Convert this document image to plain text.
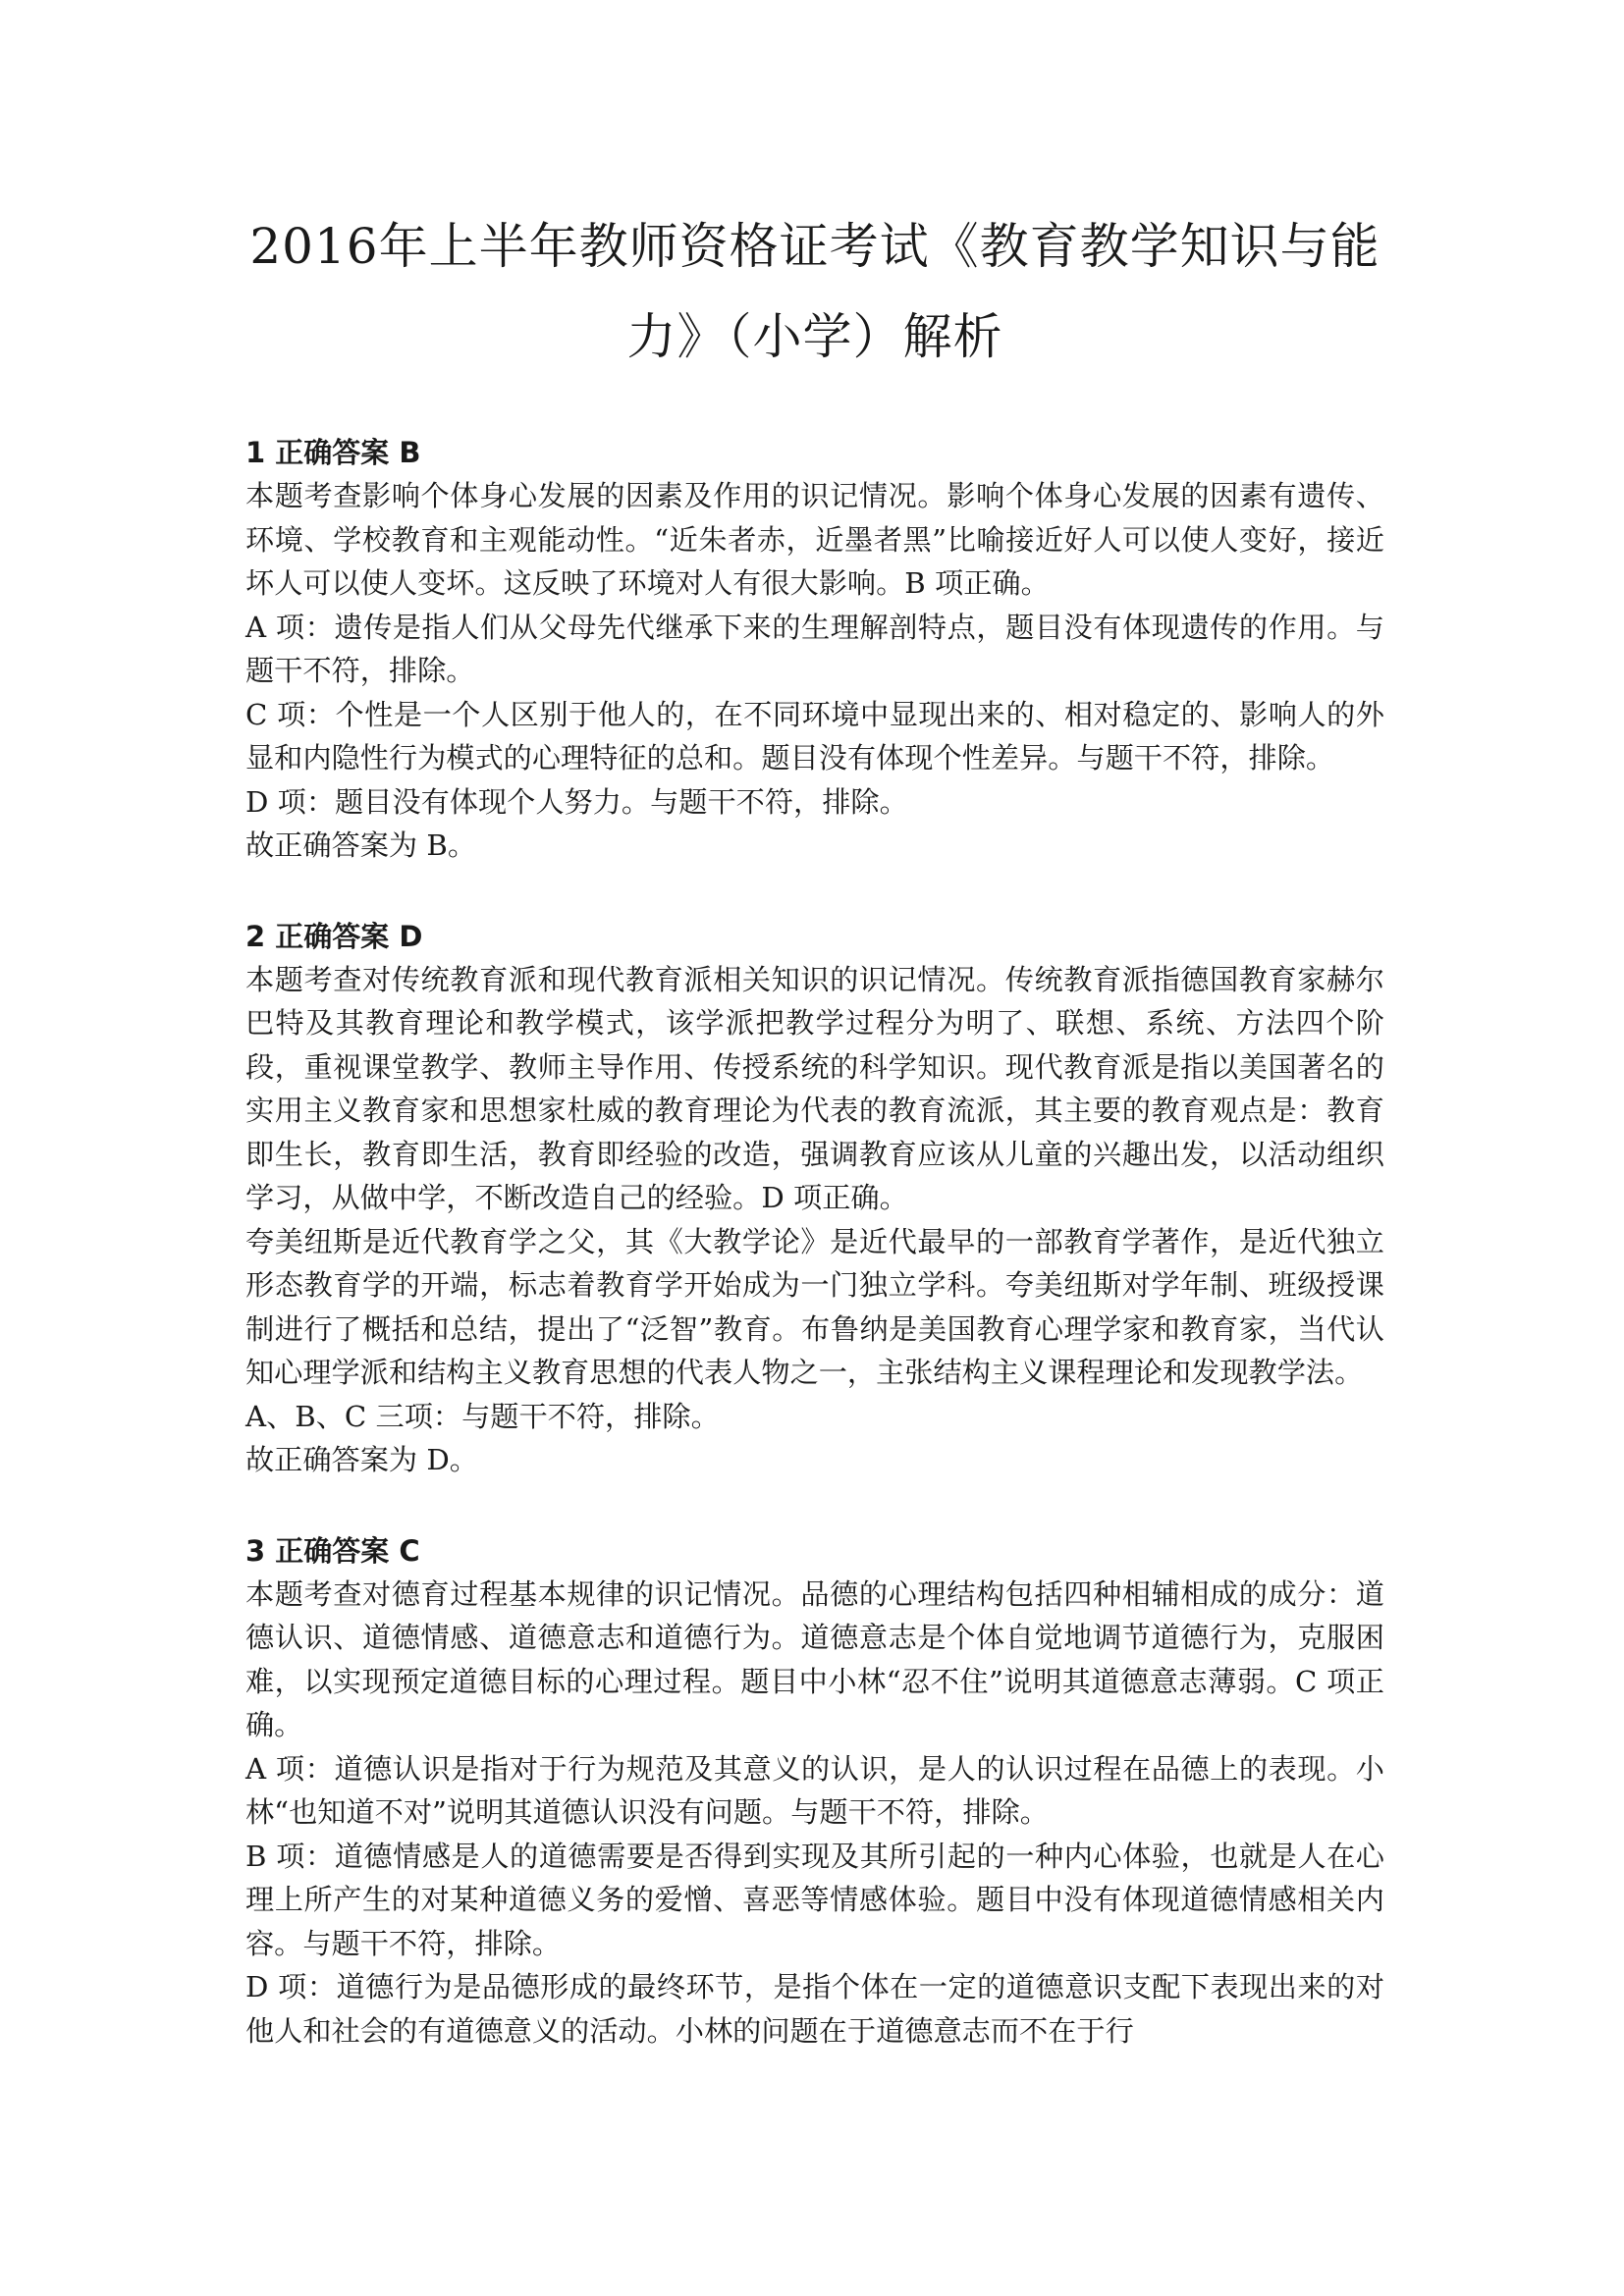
2016年上半年教师资格证考试《教育教学知识与能
力》（小学）解析

1 正确答案 B

本题考查影响个体身心发展的因素及作用的识记情况。影响个体身心发展的因素有遗传、环境、学校教育和主观能动性。“近朱者赤，近墨者黑”比喻接近好人可以使人变好，接近坏人可以使人变坏。这反映了环境对人有很大影响。B 项正确。

A 项：遗传是指人们从父母先代继承下来的生理解剖特点，题目没有体现遗传的作用。与题干不符，排除。

C 项：个性是一个人区别于他人的，在不同环境中显现出来的、相对稳定的、影响人的外显和内隐性行为模式的心理特征的总和。题目没有体现个性差异。与题干不符，排除。

D 项：题目没有体现个人努力。与题干不符，排除。

故正确答案为 B。

2 正确答案 D

本题考查对传统教育派和现代教育派相关知识的识记情况。传统教育派指德国教育家赫尔巴特及其教育理论和教学模式，该学派把教学过程分为明了、联想、系统、方法四个阶段，重视课堂教学、教师主导作用、传授系统的科学知识。现代教育派是指以美国著名的实用主义教育家和思想家杜威的教育理论为代表的教育流派，其主要的教育观点是：教育即生长，教育即生活，教育即经验的改造，强调教育应该从儿童的兴趣出发，以活动组织学习，从做中学，不断改造自己的经验。D 项正确。

夸美纽斯是近代教育学之父，其《大教学论》是近代最早的一部教育学著作，是近代独立形态教育学的开端，标志着教育学开始成为一门独立学科。夸美纽斯对学年制、班级授课制进行了概括和总结，提出了“泛智”教育。布鲁纳是美国教育心理学家和教育家，当代认知心理学派和结构主义教育思想的代表人物之一，主张结构主义课程理论和发现教学法。

A、B、C 三项：与题干不符，排除。

故正确答案为 D。

3 正确答案 C

本题考查对德育过程基本规律的识记情况。品德的心理结构包括四种相辅相成的成分：道德认识、道德情感、道德意志和道德行为。道德意志是个体自觉地调节道德行为，克服困难，以实现预定道德目标的心理过程。题目中小林“忍不住”说明其道德意志薄弱。C 项正确。

A 项：道德认识是指对于行为规范及其意义的认识，是人的认识过程在品德上的表现。小林“也知道不对”说明其道德认识没有问题。与题干不符，排除。

B 项：道德情感是人的道德需要是否得到实现及其所引起的一种内心体验，也就是人在心理上所产生的对某种道德义务的爱憎、喜恶等情感体验。题目中没有体现道德情感相关内容。与题干不符，排除。

D 项：道德行为是品德形成的最终环节，是指个体在一定的道德意识支配下表现出来的对他人和社会的有道德意义的活动。小林的问题在于道德意志而不在于行
